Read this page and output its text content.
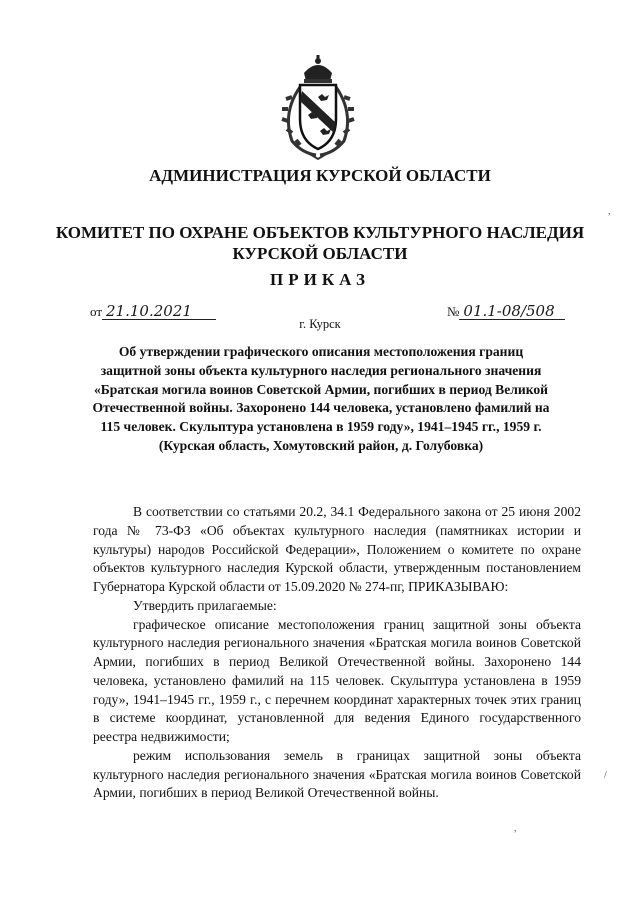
АДМИНИСТРАЦИЯ КУРСКОЙ ОБЛАСТИ
КОМИТЕТ ПО ОХРАНЕ ОБЪЕКТОВ КУЛЬТУРНОГО НАСЛЕДИЯ
КУРСКОЙ ОБЛАСТИ
ПРИКАЗ
от 21.10.2021	№ 01.1-08/508
г. Курск
Об утверждении графического описания местоположения границ защитной зоны объекта культурного наследия регионального значения «Братская могила воинов Советской Армии, погибших в период Великой Отечественной войны. Захоронено 144 человека, установлено фамилий на 115 человек. Скульптура установлена в 1959 году», 1941–1945 гг., 1959 г. (Курская область, Хомутовский район, д. Голубовка)

В соответствии со статьями 20.2, 34.1 Федерального закона от 25 июня 2002 года № 73-ФЗ «Об объектах культурного наследия (памятниках истории и культуры) народов Российской Федерации», Положением о комитете по охране объектов культурного наследия Курской области, утвержденным постановлением Губернатора Курской области от 15.09.2020 № 274-пг, ПРИКАЗЫВАЮ:

Утвердить прилагаемые:

графическое описание местоположения границ защитной зоны объекта культурного наследия регионального значения «Братская могила воинов Советской Армии, погибших в период Великой Отечественной войны. Захоронено 144 человека, установлено фамилий на 115 человек. Скульптура установлена в 1959 году», 1941–1945 гг., 1959 г., с перечнем координат характерных точек этих границ в системе координат, установленной для ведения Единого государственного реестра недвижимости;

режим использования земель в границах защитной зоны объекта культурного наследия регионального значения «Братская могила воинов Советской Армии, погибших в период Великой Отечественной войны.

,
/
,
